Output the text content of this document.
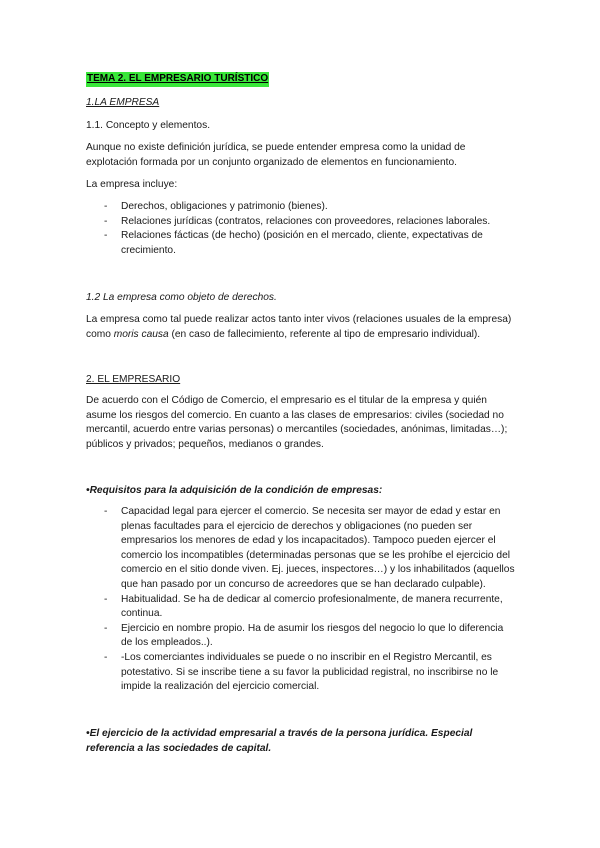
TEMA 2. EL EMPRESARIO TURÍSTICO
1.LA EMPRESA
1.1. Concepto y elementos.

Aunque no existe definición jurídica, se puede entender empresa como la unidad de explotación formada por un conjunto organizado de elementos en funcionamiento.

La empresa incluye:
- Derechos, obligaciones y patrimonio (bienes).
- Relaciones jurídicas (contratos, relaciones con proveedores, relaciones laborales.
- Relaciones fácticas (de hecho) (posición en el mercado, cliente, expectativas de crecimiento.
1.2 La empresa como objeto de derechos.

La empresa como tal puede realizar actos tanto inter vivos (relaciones usuales de la empresa) como moris causa (en caso de fallecimiento, referente al tipo de empresario individual).

2. EL EMPRESARIO

De acuerdo con el Código de Comercio, el empresario es el titular de la empresa y quién asume los riesgos del comercio. En cuanto a las clases de empresarios: civiles (sociedad no mercantil, acuerdo entre varias personas) o mercantiles (sociedades, anónimas, limitadas…); públicos y privados; pequeños, medianos o grandes.

•Requisitos para la adquisición de la condición de empresas:
- Capacidad legal para ejercer el comercio. Se necesita ser mayor de edad y estar en plenas facultades para el ejercicio de derechos y obligaciones (no pueden ser empresarios los menores de edad y los incapacitados). Tampoco pueden ejercer el comercio los incompatibles (determinadas personas que se les prohíbe el ejercicio del comercio en el sitio donde viven. Ej. jueces, inspectores…) y los inhabilitados (aquellos que han pasado por un concurso de acreedores que se han declarado culpable).
- Habitualidad. Se ha de dedicar al comercio profesionalmente, de manera recurrente, continua.
- Ejercicio en nombre propio. Ha de asumir los riesgos del negocio lo que lo diferencia de los empleados..).
- -Los comerciantes individuales se puede o no inscribir en el Registro Mercantil, es potestativo. Si se inscribe tiene a su favor la publicidad registral, no inscribirse no le impide la realización del ejercicio comercial.

•El ejercicio de la actividad empresarial a través de la persona jurídica. Especial referencia a las sociedades de capital.
